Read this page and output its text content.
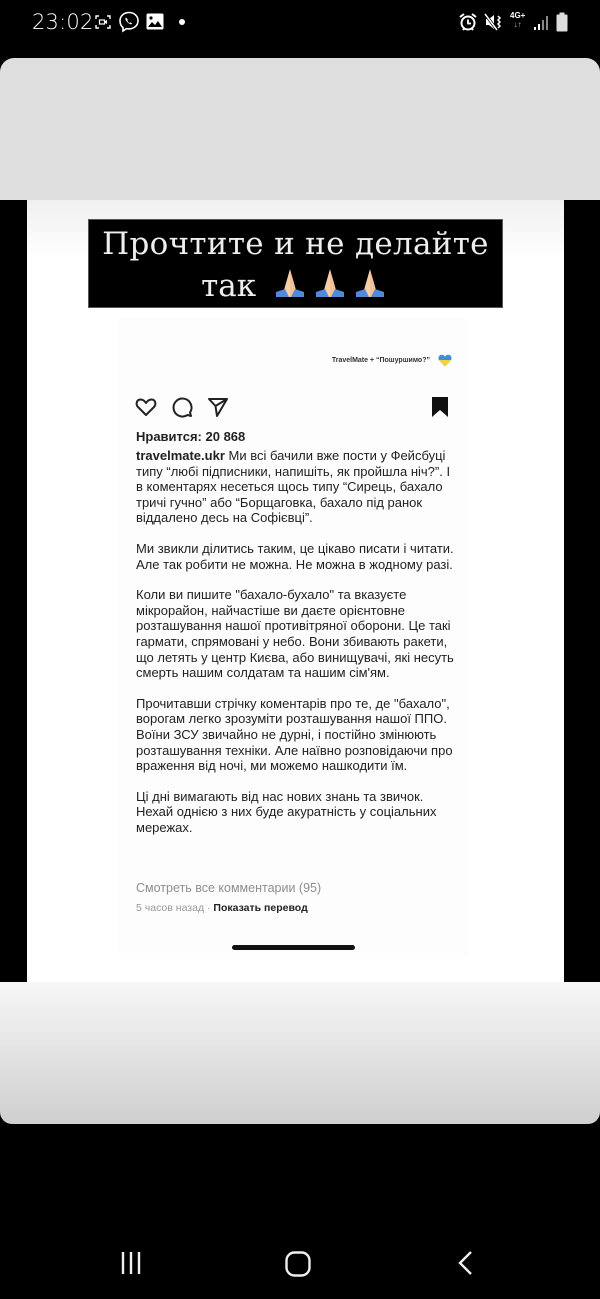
23:02	4G+
↓↑
Прочтите и не делайте
так
TravelMate + “Пошуршимо?”
Нравится: 20 868

travelmate.ukr Ми всі бачили вже пости у Фейсбуці типу “любі підписники, напишіть, як пройшла ніч?”. І в коментарях несеться щось типу “Сирець, бахало тричі гучно” або “Борщаговка, бахало під ранок віддалено десь на Софієвці”.

Ми звикли ділитись таким, це цікаво писати і читати. Але так робити не можна. Не можна в жодному разі.

Коли ви пишите "бахало-бухало" та вказуєте мікрорайон, найчастіше ви даєте орієнтовне розташування нашої противітряної оборони. Це такі гармати, спрямовані у небо. Вони збивають ракети, що летять у центр Києва, або винищувачі, які несуть смерть нашим солдатам та нашим сім'ям.

Прочитавши стрічку коментарів про те, де "бахало", ворогам легко зрозуміти розташування нашої ППО. Воїни ЗСУ звичайно не дурні, і постійно змінюють розташування техніки. Але наївно розповідаючи про враження від ночі, ми можемо нашкодити їм.

Ці дні вимагають від нас нових знань та звичок. Нехай однією з них буде акуратність у соціальних мережах.

Смотреть все комментарии (95)
5 часов назад · Показать перевод
